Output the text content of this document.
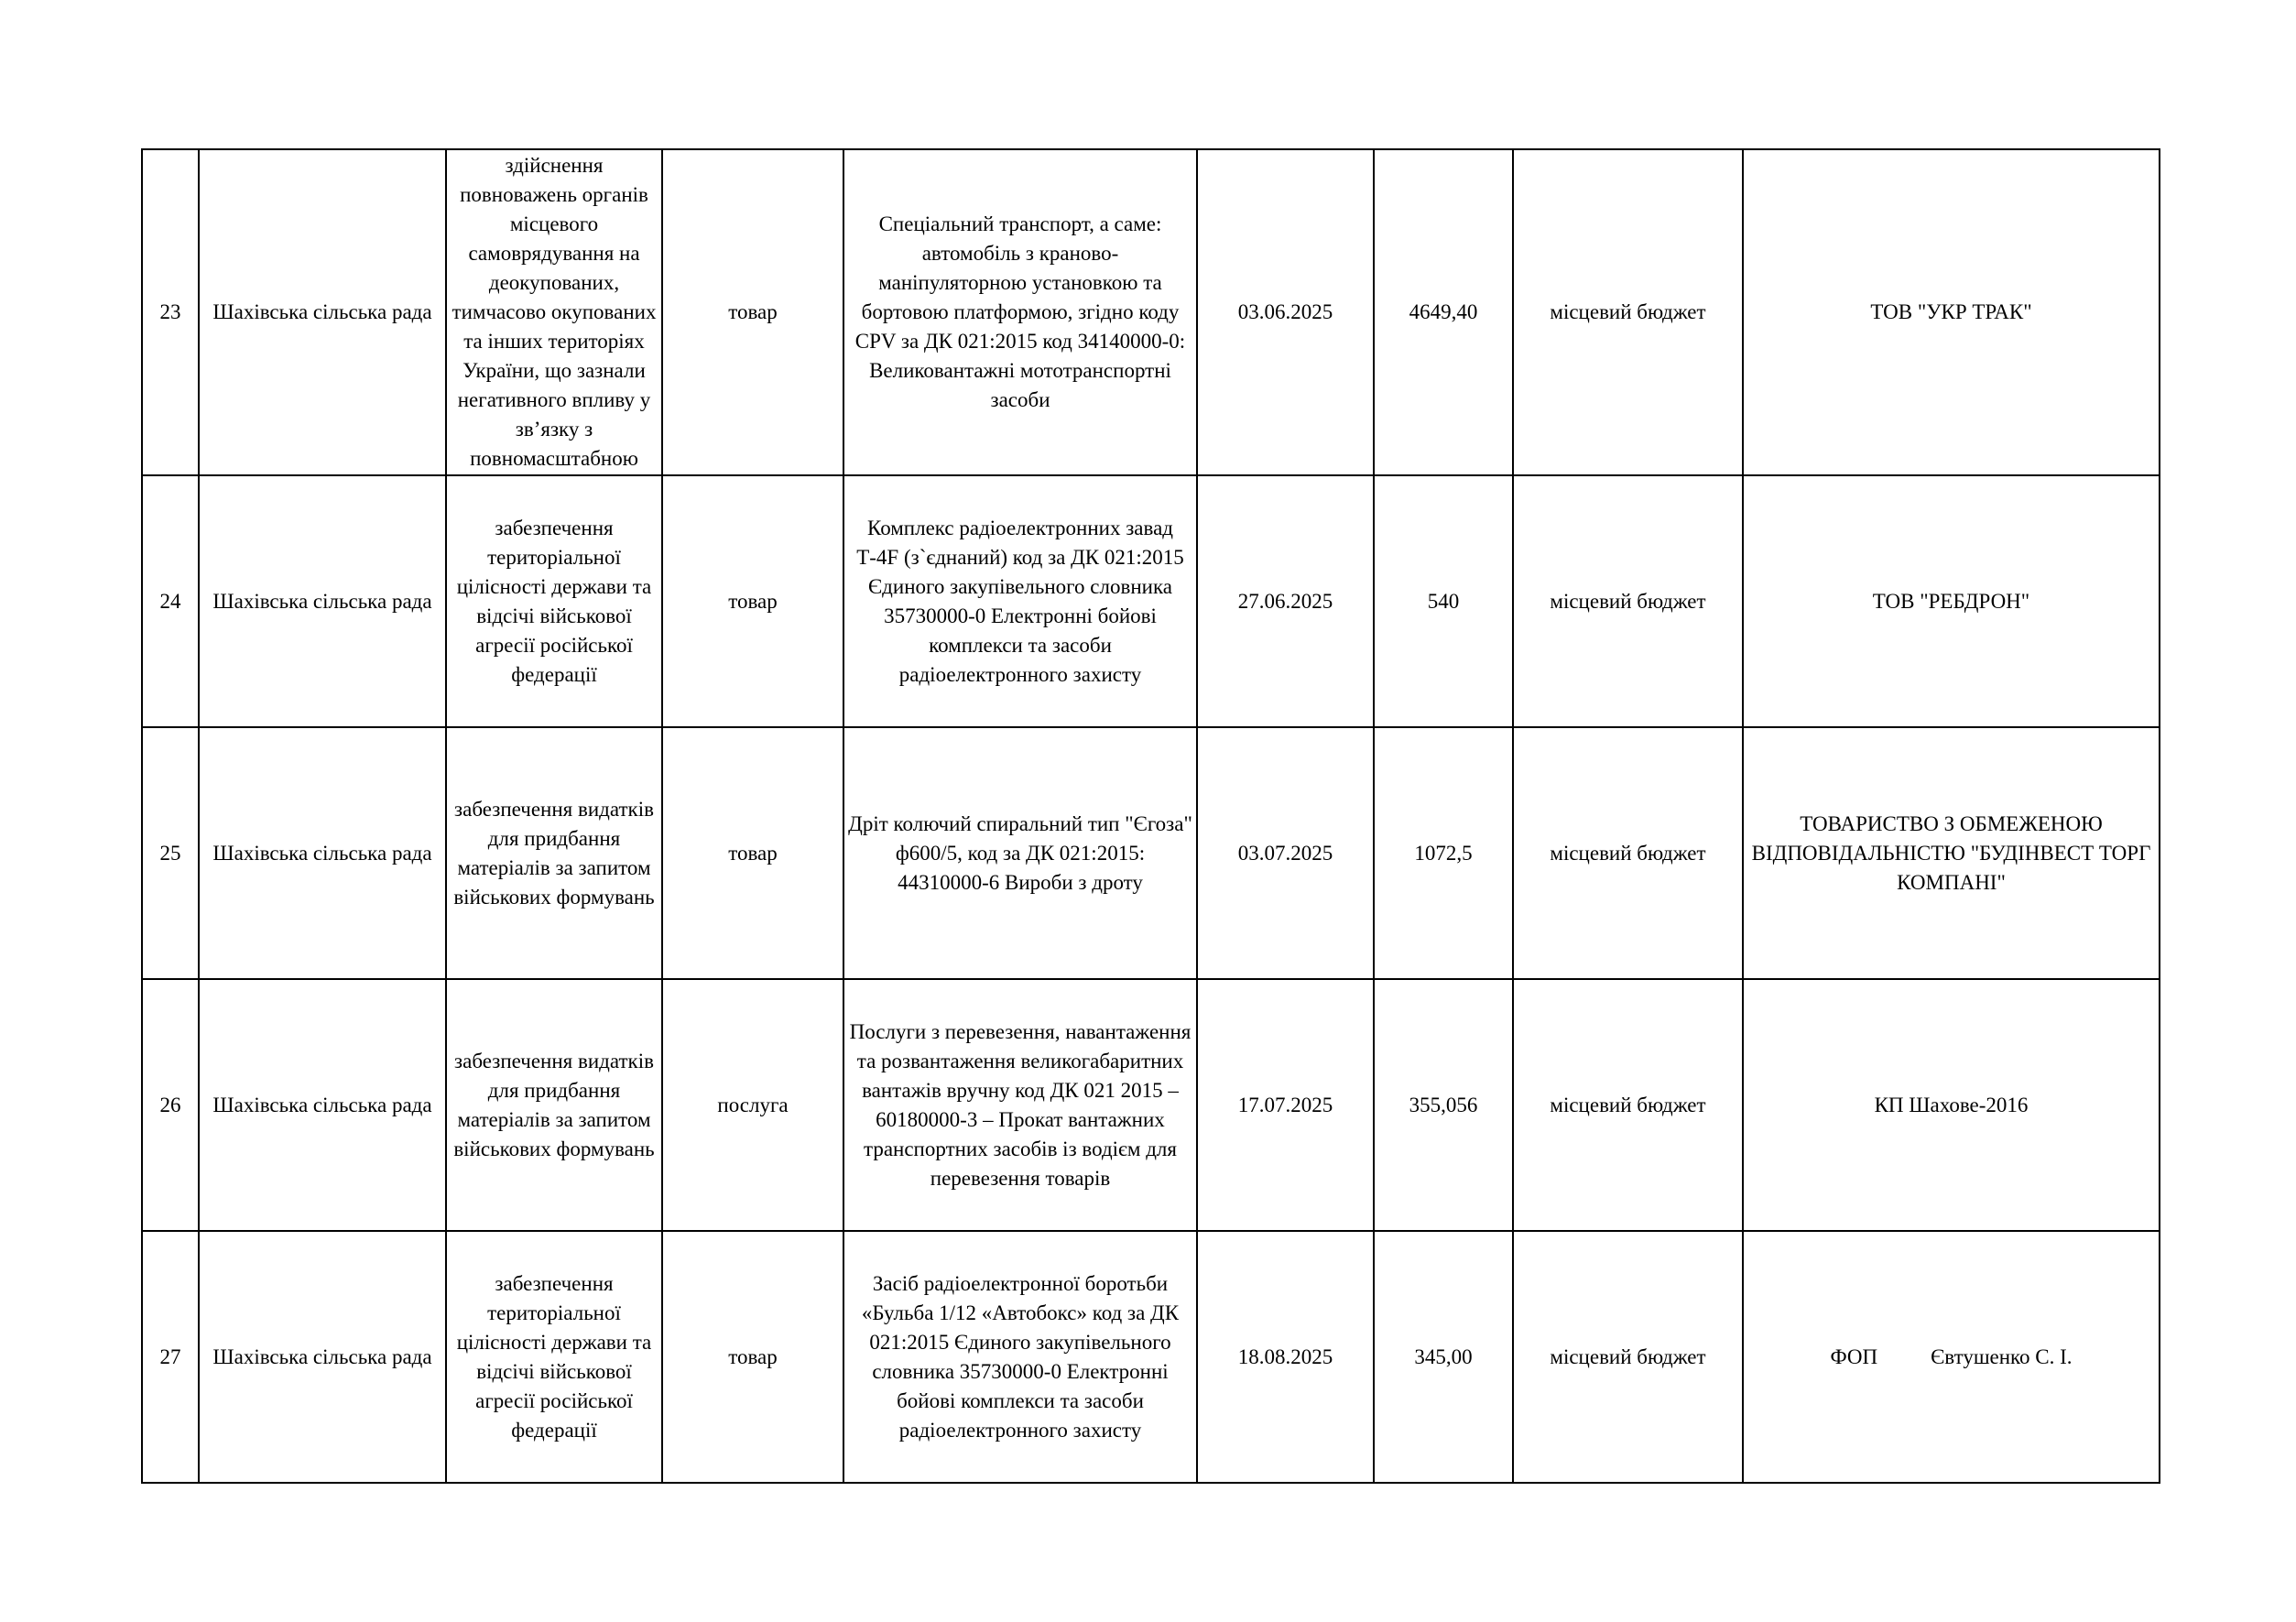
23	Шахівська сільська рада	здійснення повноважень органів місцевого самоврядування на деокупованих, тимчасово окупованих та інших територіях України, що зазнали негативного впливу у зв’язку з повномасштабною	товар	Спеціальний транспорт, а саме: автомобіль з краново-маніпуляторною установкою та бортовою платформою, згідно коду CPV за ДК 021:2015 код 34140000-0: Великовантажні мототранспортні засоби	03.06.2025	4649,40	місцевий бюджет	ТОВ "УКР ТРАК"
24	Шахівська сільська рада	забезпечення територіальної цілісності держави та відсічі військової агресії російської федерації	товар	Комплекс радіоелектронних завад Т-4F (з`єднаний) код за ДК 021:2015 Єдиного закупівельного словника 35730000-0 Електронні бойові комплекси та засоби радіоелектронного захисту	27.06.2025	540	місцевий бюджет	ТОВ "РЕБДРОН"
25	Шахівська сільська рада	забезпечення видатків для придбання матеріалів за запитом військових формувань	товар	Дріт колючий спиральний тип "Єгоза" ф600/5, код за ДК 021:2015: 44310000-6 Вироби з дроту	03.07.2025	1072,5	місцевий бюджет	ТОВАРИСТВО З ОБМЕЖЕНОЮ ВІДПОВІДАЛЬНІСТЮ "БУДІНВЕСТ ТОРГ КОМПАНІ"
26	Шахівська сільська рада	забезпечення видатків для придбання матеріалів за запитом військових формувань	послуга	Послуги з перевезення, навантаження та розвантаження великогабаритних вантажів вручну код ДК 021 2015 – 60180000-3 – Прокат вантажних транспортних засобів із водієм для перевезення товарів	17.07.2025	355,056	місцевий бюджет	КП Шахове-2016
27	Шахівська сільська рада	забезпечення територіальної цілісності держави та відсічі військової агресії російської федерації	товар	Засіб радіоелектронної боротьби «Бульба 1/12 «Автобокс» код за ДК 021:2015 Єдиного закупівельного словника 35730000-0 Електронні бойові комплекси та засоби радіоелектронного захисту	18.08.2025	345,00	місцевий бюджет	ФОП Євтушенко С. І.
